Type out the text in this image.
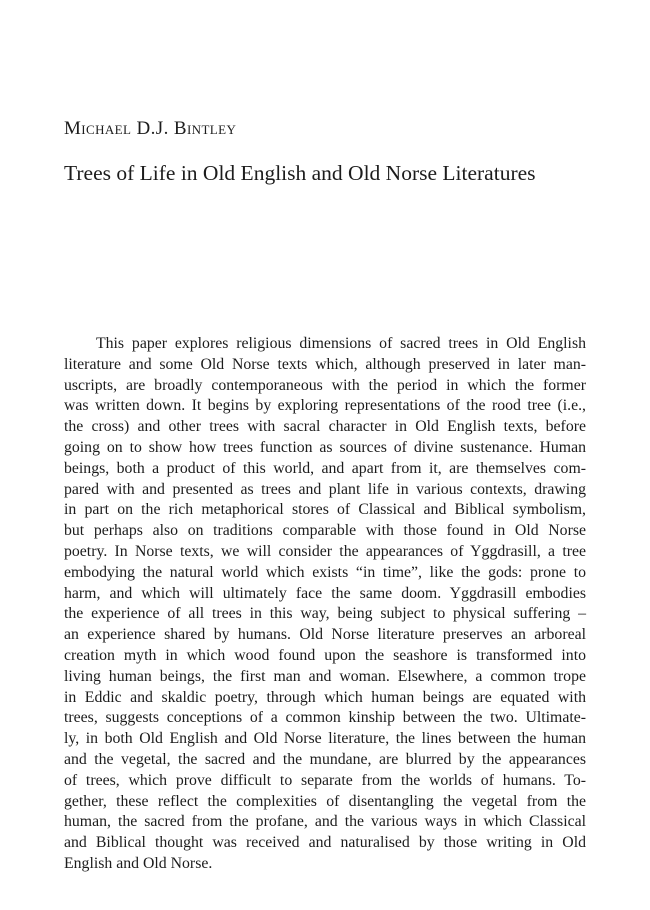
Michael D.J. Bintley
Trees of Life in Old English and Old Norse Literatures
This paper explores religious dimensions of sacred trees in Old English
literature and some Old Norse texts which, although preserved in later man-
uscripts, are broadly contemporaneous with the period in which the former
was written down. It begins by exploring representations of the rood tree (i.e.,
the cross) and other trees with sacral character in Old English texts, before
going on to show how trees function as sources of divine sustenance. Human
beings, both a product of this world, and apart from it, are themselves com-
pared with and presented as trees and plant life in various contexts, drawing
in part on the rich metaphorical stores of Classical and Biblical symbolism,
but perhaps also on traditions comparable with those found in Old Norse
poetry. In Norse texts, we will consider the appearances of Yggdrasill, a tree
embodying the natural world which exists “in time”, like the gods: prone to
harm, and which will ultimately face the same doom. Yggdrasill embodies
the experience of all trees in this way, being subject to physical suffering –
an experience shared by humans. Old Norse literature preserves an arboreal
creation myth in which wood found upon the seashore is transformed into
living human beings, the first man and woman. Elsewhere, a common trope
in Eddic and skaldic poetry, through which human beings are equated with
trees, suggests conceptions of a common kinship between the two. Ultimate-
ly, in both Old English and Old Norse literature, the lines between the human
and the vegetal, the sacred and the mundane, are blurred by the appearances
of trees, which prove difficult to separate from the worlds of humans. To-
gether, these reflect the complexities of disentangling the vegetal from the
human, the sacred from the profane, and the various ways in which Classical
and Biblical thought was received and naturalised by those writing in Old
English and Old Norse.
